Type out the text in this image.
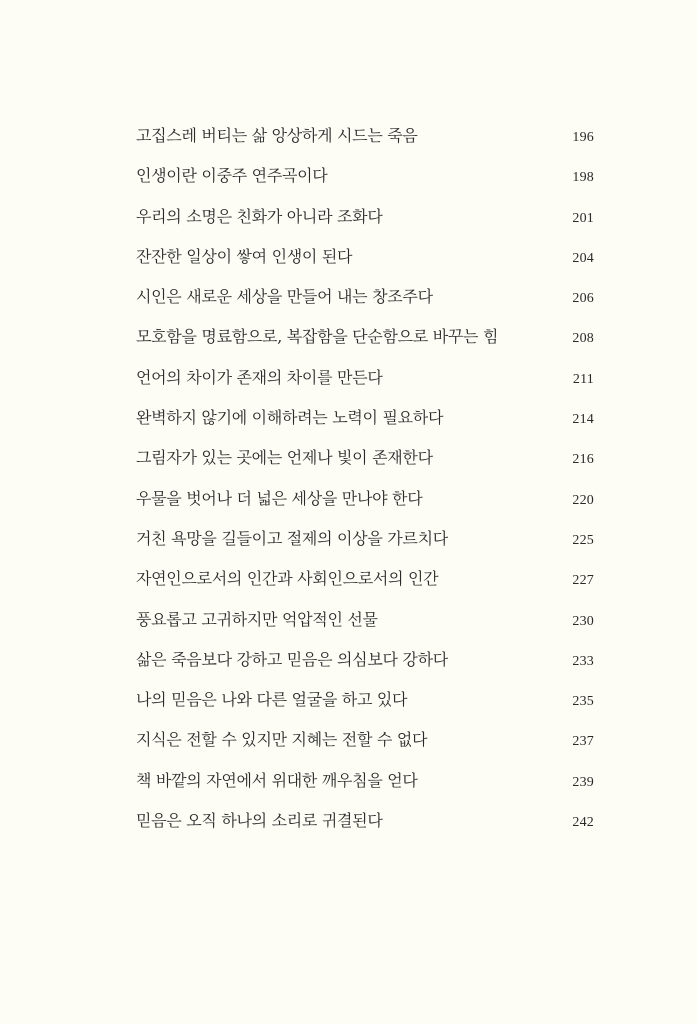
고집스레 버티는 삶 앙상하게 시드는 죽음	196
인생이란 이중주 연주곡이다	198
우리의 소명은 친화가 아니라 조화다	201
잔잔한 일상이 쌓여 인생이 된다	204
시인은 새로운 세상을 만들어 내는 창조주다	206
모호함을 명료함으로, 복잡함을 단순함으로 바꾸는 힘	208
언어의 차이가 존재의 차이를 만든다	211
완벽하지 않기에 이해하려는 노력이 필요하다	214
그림자가 있는 곳에는 언제나 빛이 존재한다	216
우물을 벗어나 더 넓은 세상을 만나야 한다	220
거친 욕망을 길들이고 절제의 이상을 가르치다	225
자연인으로서의 인간과 사회인으로서의 인간	227
풍요롭고 고귀하지만 억압적인 선물	230
삶은 죽음보다 강하고 믿음은 의심보다 강하다	233
나의 믿음은 나와 다른 얼굴을 하고 있다	235
지식은 전할 수 있지만 지혜는 전할 수 없다	237
책 바깥의 자연에서 위대한 깨우침을 얻다	239
믿음은 오직 하나의 소리로 귀결된다	242
